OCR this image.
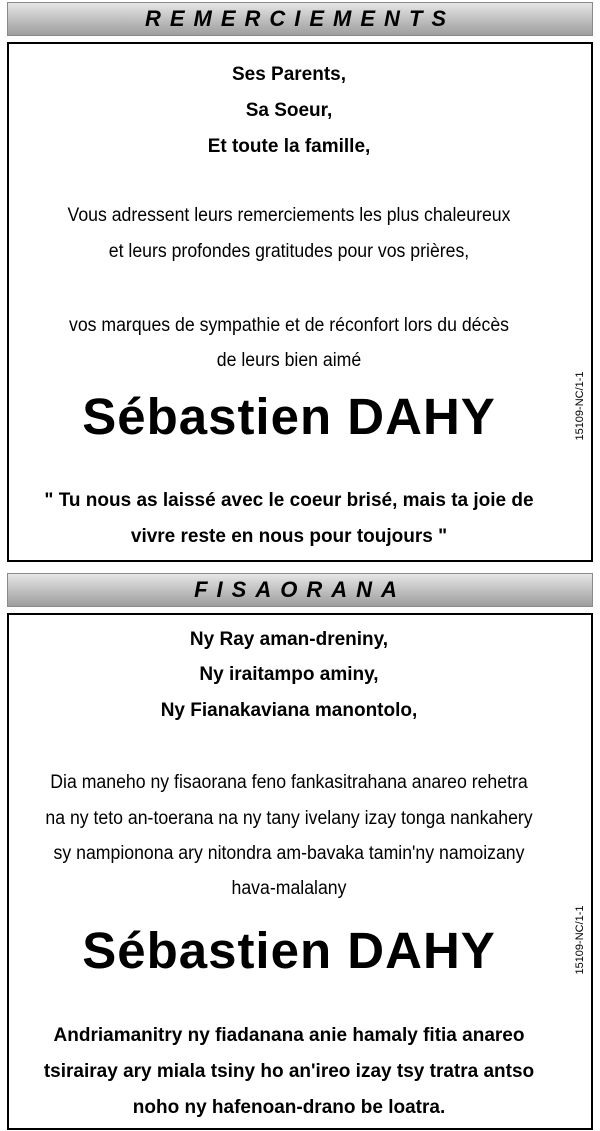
REMERCIEMENTS
Ses Parents,
Sa Soeur,
Et toute la famille,
Vous adressent leurs remerciements les plus chaleureux
et leurs profondes gratitudes pour vos prières,
vos marques de sympathie et de réconfort lors du décès
de leurs bien aimé
Sébastien DAHY
" Tu nous as laissé avec le coeur brisé, mais ta joie de
vivre reste en nous pour toujours "
15109-NC/1-1
FISAORANA
Ny Ray aman-dreniny,
Ny iraitampo aminy,
Ny Fianakaviana manontolo,
Dia maneho ny fisaorana feno fankasitrahana anareo rehetra
na ny teto an-toerana na ny tany ivelany izay tonga nankahery
sy nampionona ary nitondra am-bavaka tamin'ny namoizany
hava-malalany
Sébastien DAHY
Andriamanitry ny fiadanana anie hamaly fitia anareo
tsirairay ary miala tsiny ho an'ireo izay tsy tratra antso
noho ny hafenoan-drano be loatra.
15109-NC/1-1
